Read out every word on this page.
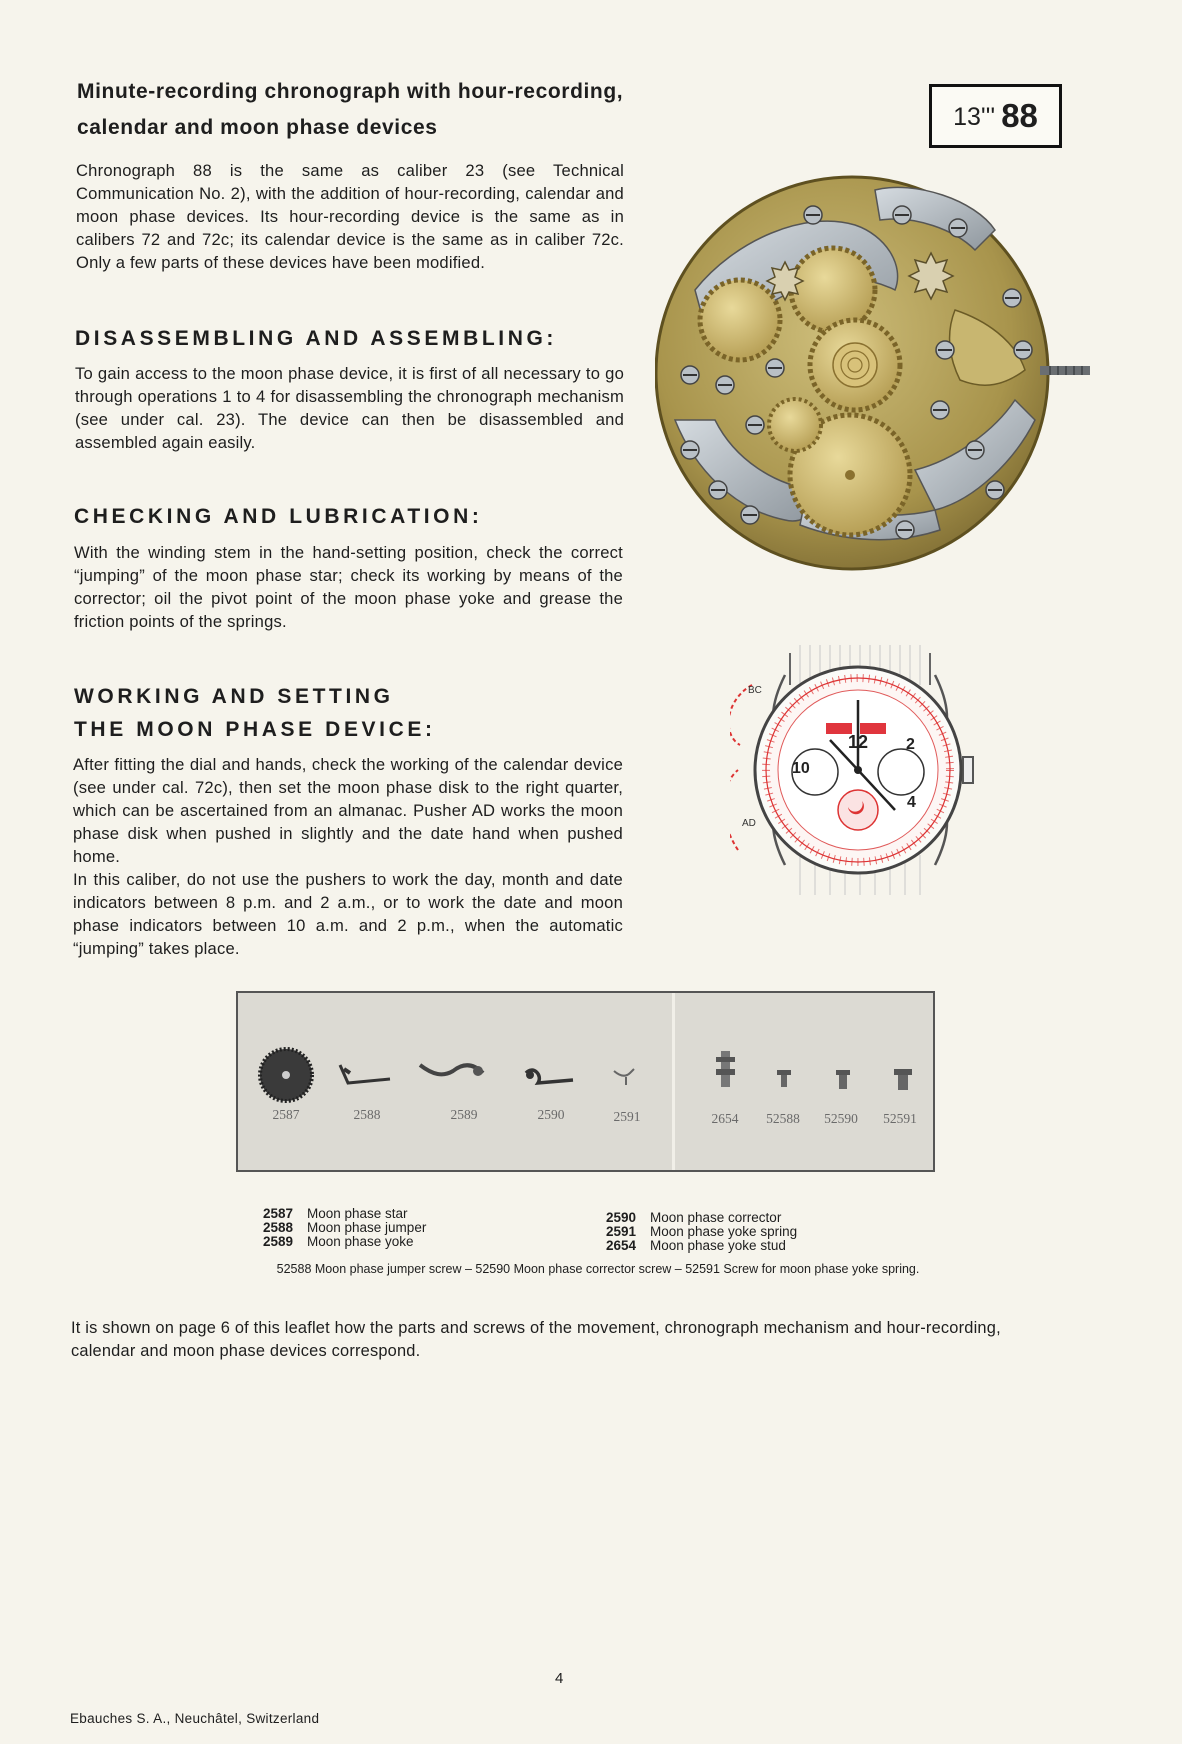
Minute-recording chronograph with hour-recording,
calendar and moon phase devices	13''' 88
Chronograph 88 is the same as caliber 23 (see Technical Communication No. 2), with the addition of hour-recording, calendar and moon phase devices. Its hour-recording device is the same as in calibers 72 and 72c; its calendar device is the same as in caliber 72c. Only a few parts of these devices have been modified.
DISASSEMBLING AND ASSEMBLING:
To gain access to the moon phase device, it is first of all necessary to go through operations 1 to 4 for disassembling the chronograph mechanism (see under cal. 23). The device can then be disassembled and assembled again easily.
CHECKING AND LUBRICATION:
With the winding stem in the hand-setting position, check the correct “jumping” of the moon phase star; check its working by means of the corrector; oil the pivot point of the moon phase yoke and grease the friction points of the springs.
WORKING AND SETTING
THE MOON PHASE DEVICE:
After fitting the dial and hands, check the working of the calendar device (see under cal. 72c), then set the moon phase disk to the right quarter, which can be ascertained from an almanac. Pusher AD works the moon phase disk when pushed in slightly and the date hand when pushed home.
In this caliber, do not use the pushers to work the day, month and date indicators between 8 p.m. and 2 a.m., or to work the date and moon phase indicators between 10 a.m. and 2 p.m., when the automatic “jumping” takes place.
BC
AD
12
10
2
4
2587	2588	2589	2590	2591	2654 52588 52590 52591
2587	Moon phase star
2588	Moon phase jumper
2589	Moon phase yoke
2590	Moon phase corrector
2591	Moon phase yoke spring
2654	Moon phase yoke stud
52588 Moon phase jumper screw – 52590 Moon phase corrector screw – 52591 Screw for moon phase yoke spring.
It is shown on page 6 of this leaflet how the parts and screws of the movement, chronograph mechanism and hour-recording, calendar and moon phase devices correspond.
4
Ebauches S. A., Neuchâtel, Switzerland
